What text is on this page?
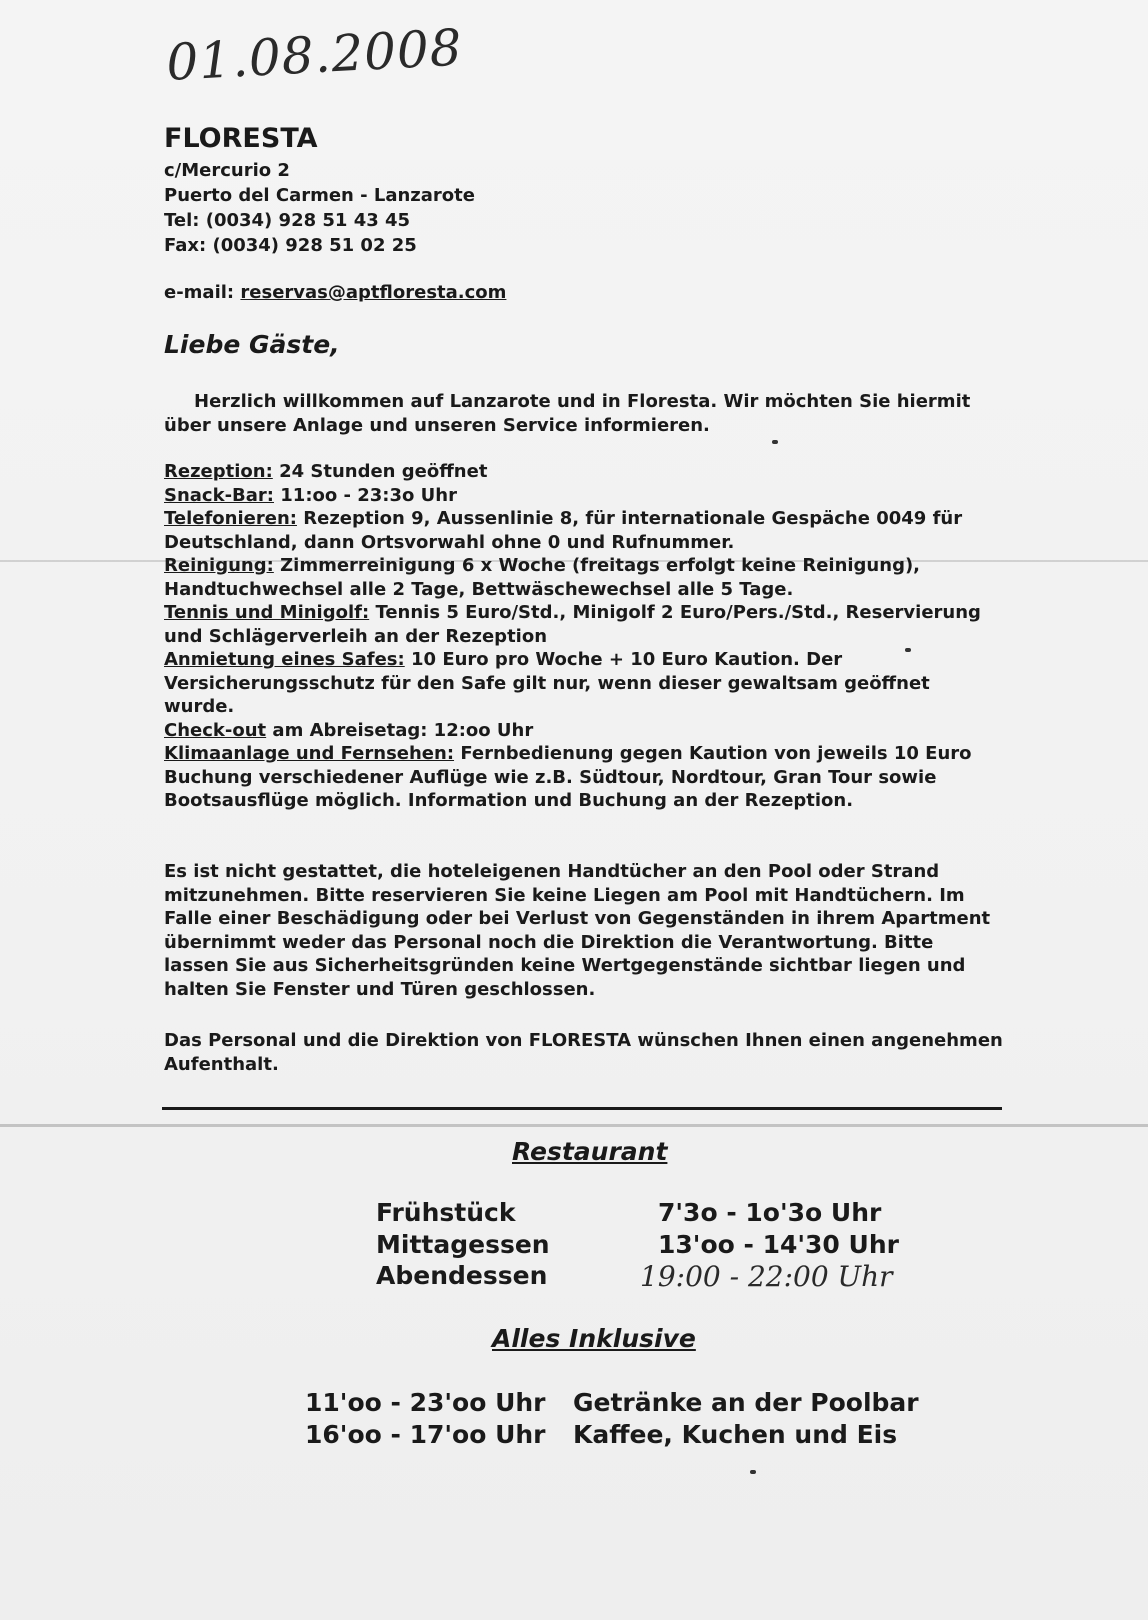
01.08.2008
FLORESTA
c/Mercurio 2
Puerto del Carmen - Lanzarote
Tel: (0034) 928 51 43 45
Fax: (0034) 928 51 02 25
e-mail: reservas@aptfloresta.com
Liebe Gäste,
Herzlich willkommen auf Lanzarote und in Floresta. Wir möchten Sie hiermit über unsere Anlage und unseren Service informieren.
Rezeption: 24 Stunden geöffnet
Snack-Bar: 11:oo - 23:3o Uhr
Telefonieren: Rezeption 9, Aussenlinie 8, für internationale Gespäche 0049 für
Deutschland, dann Ortsvorwahl ohne 0 und Rufnummer.
Reinigung: Zimmerreinigung 6 x Woche (freitags erfolgt keine Reinigung),
Handtuchwechsel alle 2 Tage, Bettwäschewechsel alle 5 Tage.
Tennis und Minigolf: Tennis 5 Euro/Std., Minigolf 2 Euro/Pers./Std., Reservierung
und Schlägerverleih an der Rezeption
Anmietung eines Safes: 10 Euro pro Woche + 10 Euro Kaution. Der
Versicherungsschutz für den Safe gilt nur, wenn dieser gewaltsam geöffnet
wurde.
Check-out am Abreisetag: 12:oo Uhr
Klimaanlage und Fernsehen: Fernbedienung gegen Kaution von jeweils 10 Euro
Buchung verschiedener Auflüge wie z.B. Südtour, Nordtour, Gran Tour sowie
Bootsausflüge möglich. Information und Buchung an der Rezeption.
Es ist nicht gestattet, die hoteleigenen Handtücher an den Pool oder Strand mitzunehmen. Bitte reservieren Sie keine Liegen am Pool mit Handtüchern. Im Falle einer Beschädigung oder bei Verlust von Gegenständen in ihrem Apartment übernimmt weder das Personal noch die Direktion die Verantwortung. Bitte lassen Sie aus Sicherheitsgründen keine Wertgegenstände sichtbar liegen und halten Sie Fenster und Türen geschlossen.
Das Personal und die Direktion von FLORESTA wünschen Ihnen einen angenehmen Aufenthalt.
Restaurant
Frühstück	7'3o - 1o'3o Uhr
Mittagessen	13'oo - 14'30 Uhr
Abendessen	19:00 - 22:00 Uhr
Alles Inklusive
11'oo - 23'oo Uhr Getränke an der Poolbar
16'oo - 17'oo Uhr Kaffee, Kuchen und Eis
